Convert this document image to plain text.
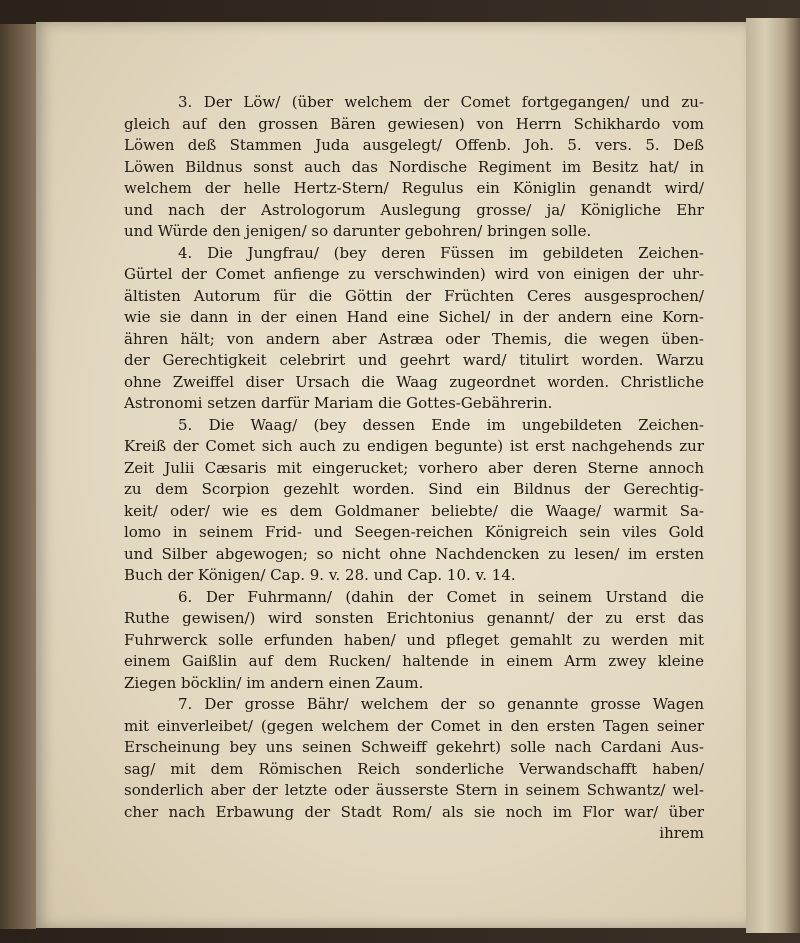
3. Der Löw/ (über welchem der Comet fortgegangen/ und zu-
gleich auf den grossen Bären gewiesen) von Herrn Schikhardo vom
Löwen deß Stammen Juda ausgelegt/ Offenb. Joh. 5. vers. 5. Deß
Löwen Bildnus sonst auch das Nordische Regiment im Besitz hat/ in
welchem der helle Hertz-Stern/ Regulus ein Königlin genandt wird/
und nach der Astrologorum Auslegung grosse/ ja/ Königliche Ehr
und Würde den jenigen/ so darunter gebohren/ bringen solle.
4. Die Jungfrau/ (bey deren Füssen im gebildeten Zeichen-
Gürtel der Comet anfienge zu verschwinden) wird von einigen der uhr-
ältisten Autorum für die Göttin der Früchten Ceres ausgesprochen/
wie sie dann in der einen Hand eine Sichel/ in der andern eine Korn-
ähren hält; von andern aber Astræa oder Themis, die wegen üben-
der Gerechtigkeit celebrirt und geehrt ward/ titulirt worden. Warzu
ohne Zweiffel diser Ursach die Waag zugeordnet worden. Christliche
Astronomi setzen darfür Mariam die Gottes-Gebährerin.
5. Die Waag/ (bey dessen Ende im ungebildeten Zeichen-
Kreiß der Comet sich auch zu endigen begunte) ist erst nachgehends zur
Zeit Julii Cæsaris mit eingerucket; vorhero aber deren Sterne annoch
zu dem Scorpion gezehlt worden. Sind ein Bildnus der Gerechtig-
keit/ oder/ wie es dem Goldmaner beliebte/ die Waage/ warmit Sa-
lomo in seinem Frid- und Seegen-reichen Königreich sein viles Gold
und Silber abgewogen; so nicht ohne Nachdencken zu lesen/ im ersten
Buch der Königen/ Cap. 9. v. 28. und Cap. 10. v. 14.
6. Der Fuhrmann/ (dahin der Comet in seinem Urstand die
Ruthe gewisen/) wird sonsten Erichtonius genannt/ der zu erst das
Fuhrwerck solle erfunden haben/ und pfleget gemahlt zu werden mit
einem Gaißlin auf dem Rucken/ haltende in einem Arm zwey kleine
Ziegen böcklin/ im andern einen Zaum.
7. Der grosse Bähr/ welchem der so genannte grosse Wagen
mit einverleibet/ (gegen welchem der Comet in den ersten Tagen seiner
Erscheinung bey uns seinen Schweiff gekehrt) solle nach Cardani Aus-
sag/ mit dem Römischen Reich sonderliche Verwandschafft haben/
sonderlich aber der letzte oder äusserste Stern in seinem Schwantz/ wel-
cher nach Erbawung der Stadt Rom/ als sie noch im Flor war/ über
ihrem
